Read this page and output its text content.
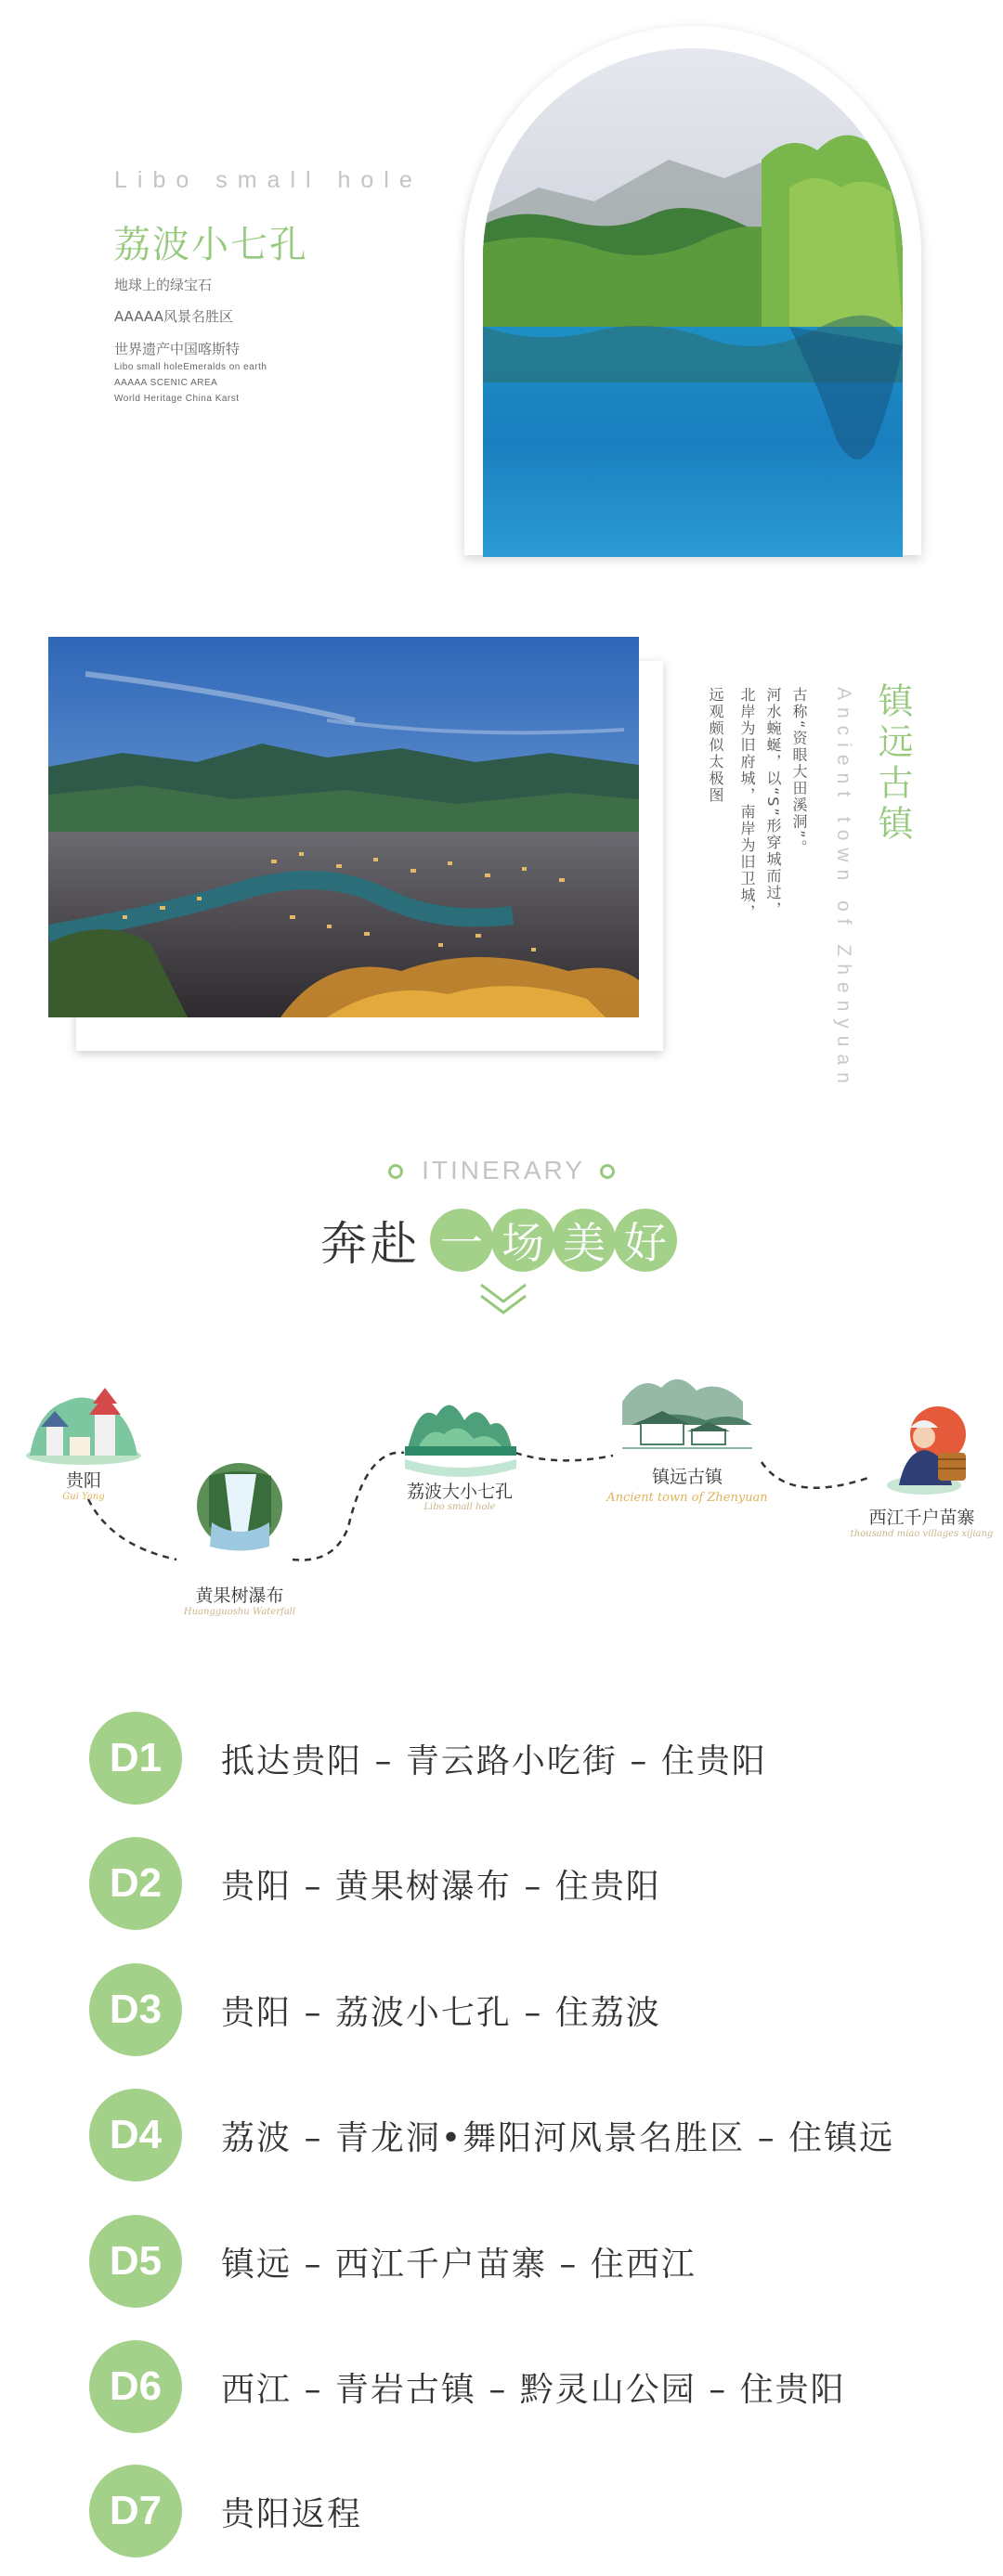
Libo small hole
荔波小七孔
地球上的绿宝石
AAAAA风景名胜区
世界遗产中国喀斯特
Libo small holeEmeralds on earth
AAAAA SCENIC AREA
World Heritage China Karst
镇远古镇
Ancient town of Zhenyuan
古称“资眼大田溪洞”。
河水蜿蜒，以“S”形穿城而过，
北岸为旧府城，南岸为旧卫城，
远观颇似太极图
ITINERARY
奔赴 一 场 美 好
贵阳
Gui Yang
黄果树瀑布
Huangguoshu Waterfall
荔波大小七孔
Libo small hole
镇远古镇
Ancient town of Zhenyuan
西江千户苗寨
thousand miao villages xijiang
D1	抵达贵阳 – 青云路小吃街 – 住贵阳
D2	贵阳 – 黄果树瀑布 – 住贵阳
D3	贵阳 – 荔波小七孔 – 住荔波
D4	荔波 – 青龙洞•舞阳河风景名胜区 – 住镇远
D5	镇远 – 西江千户苗寨 – 住西江
D6	西江 – 青岩古镇 – 黔灵山公园 – 住贵阳
D7	贵阳返程
